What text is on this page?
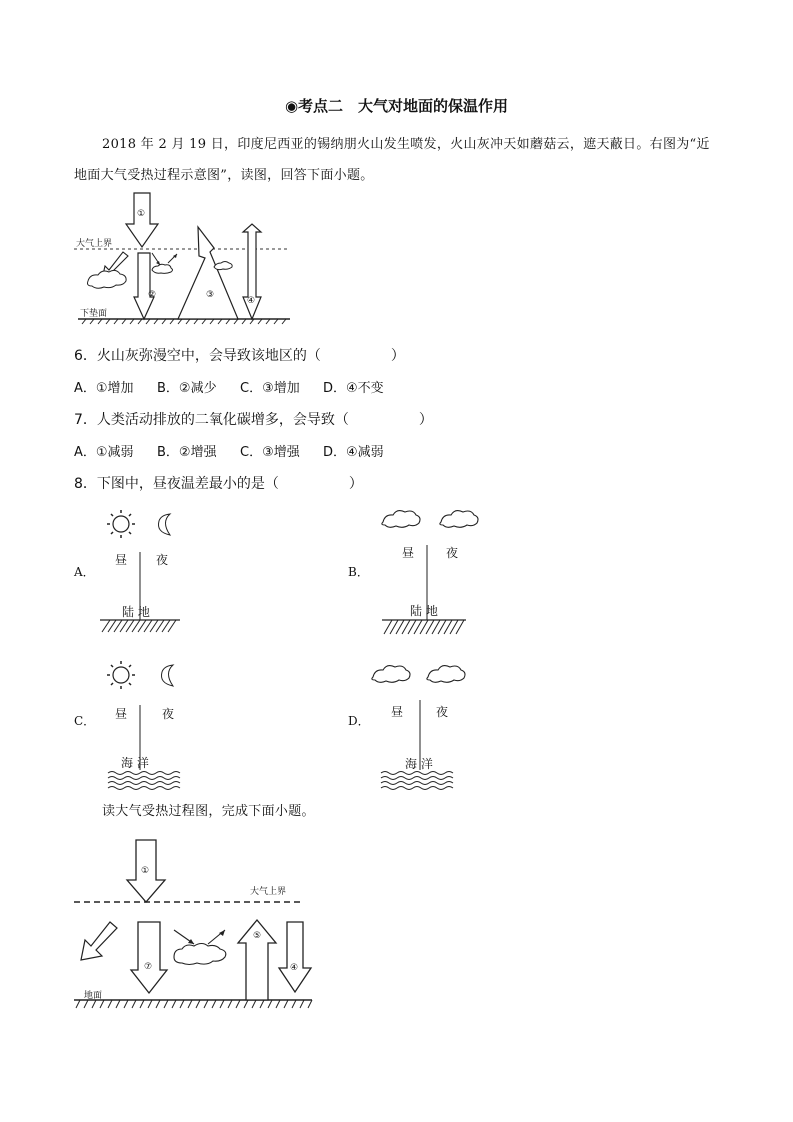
◉考点二　大气对地面的保温作用
2018 年 2 月 19 日，印度尼西亚的锡纳朋火山发生喷发，火山灰冲天如蘑菇云，遮天蔽日。右图为“近
地面大气受热过程示意图”，读图，回答下面小题。
①
②	③
④
大气上界
下垫面
6．火山灰弥漫空中，会导致该地区的（　　　　　）
A．①增加 B．②减少 C．③增加 D．④不变
7．人类活动排放的二氧化碳增多，会导致（　　　　　）
A．①减弱 B．②增强 C．③增强 D．④减弱
8．下图中，昼夜温差最小的是（　　　　　）
A．
昼 夜
陆 地
B．
昼	夜
陆 地
C． 昼	夜
海 洋
D．
昼	夜
海 洋
读大气受热过程图，完成下面小题。
大气上界
地面
①
⑦
⑤
④
